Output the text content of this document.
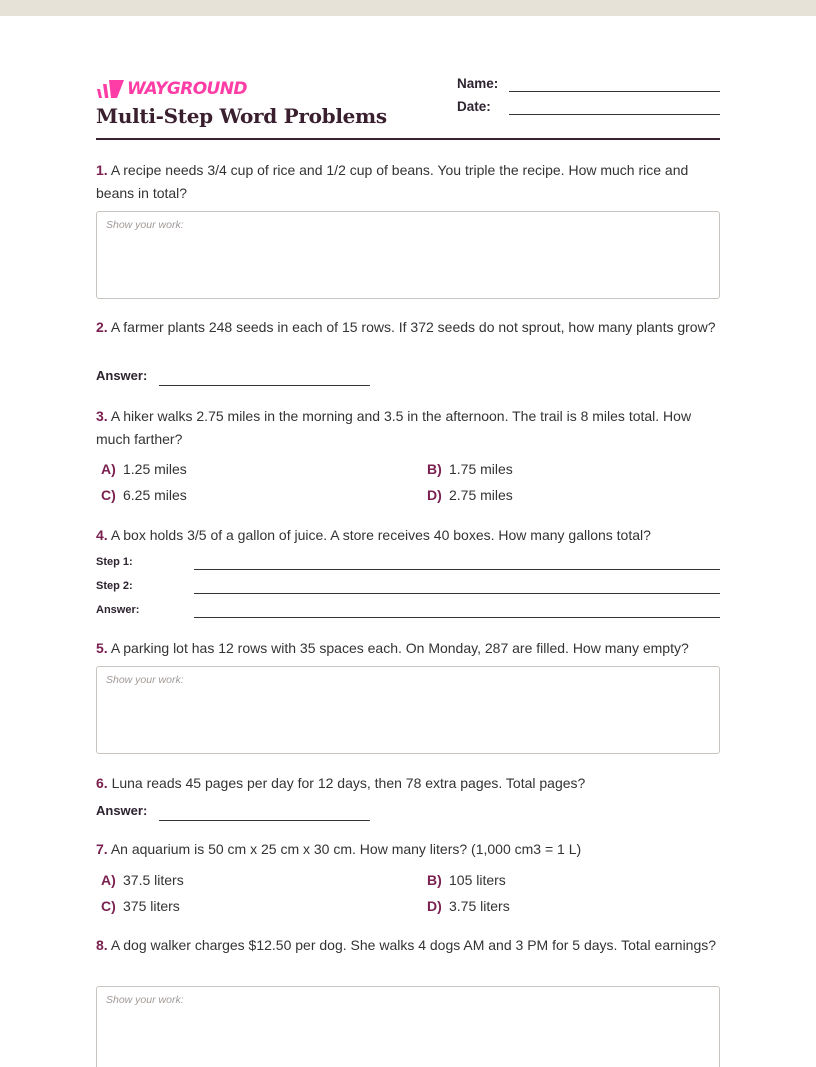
WAYGROUND
Multi-Step Word Problems
Name:
Date:
1. A recipe needs 3/4 cup of rice and 1/2 cup of beans. You triple the recipe. How much rice and beans in total?
Show your work:
2. A farmer plants 248 seeds in each of 15 rows. If 372 seeds do not sprout, how many plants grow?
Answer:
3. A hiker walks 2.75 miles in the morning and 3.5 in the afternoon. The trail is 8 miles total. How much farther?
A) 1.25 miles	B) 1.75 miles
C) 6.25 miles	D) 2.75 miles
4. A box holds 3/5 of a gallon of juice. A store receives 40 boxes. How many gallons total?
Step 1:
Step 2:
Answer:
5. A parking lot has 12 rows with 35 spaces each. On Monday, 287 are filled. How many empty?
Show your work:
6. Luna reads 45 pages per day for 12 days, then 78 extra pages. Total pages?
Answer:
7. An aquarium is 50 cm x 25 cm x 30 cm. How many liters? (1,000 cm3 = 1 L)
A) 37.5 liters	B) 105 liters
C) 375 liters	D) 3.75 liters
8. A dog walker charges $12.50 per dog. She walks 4 dogs AM and 3 PM for 5 days. Total earnings?
Show your work:
